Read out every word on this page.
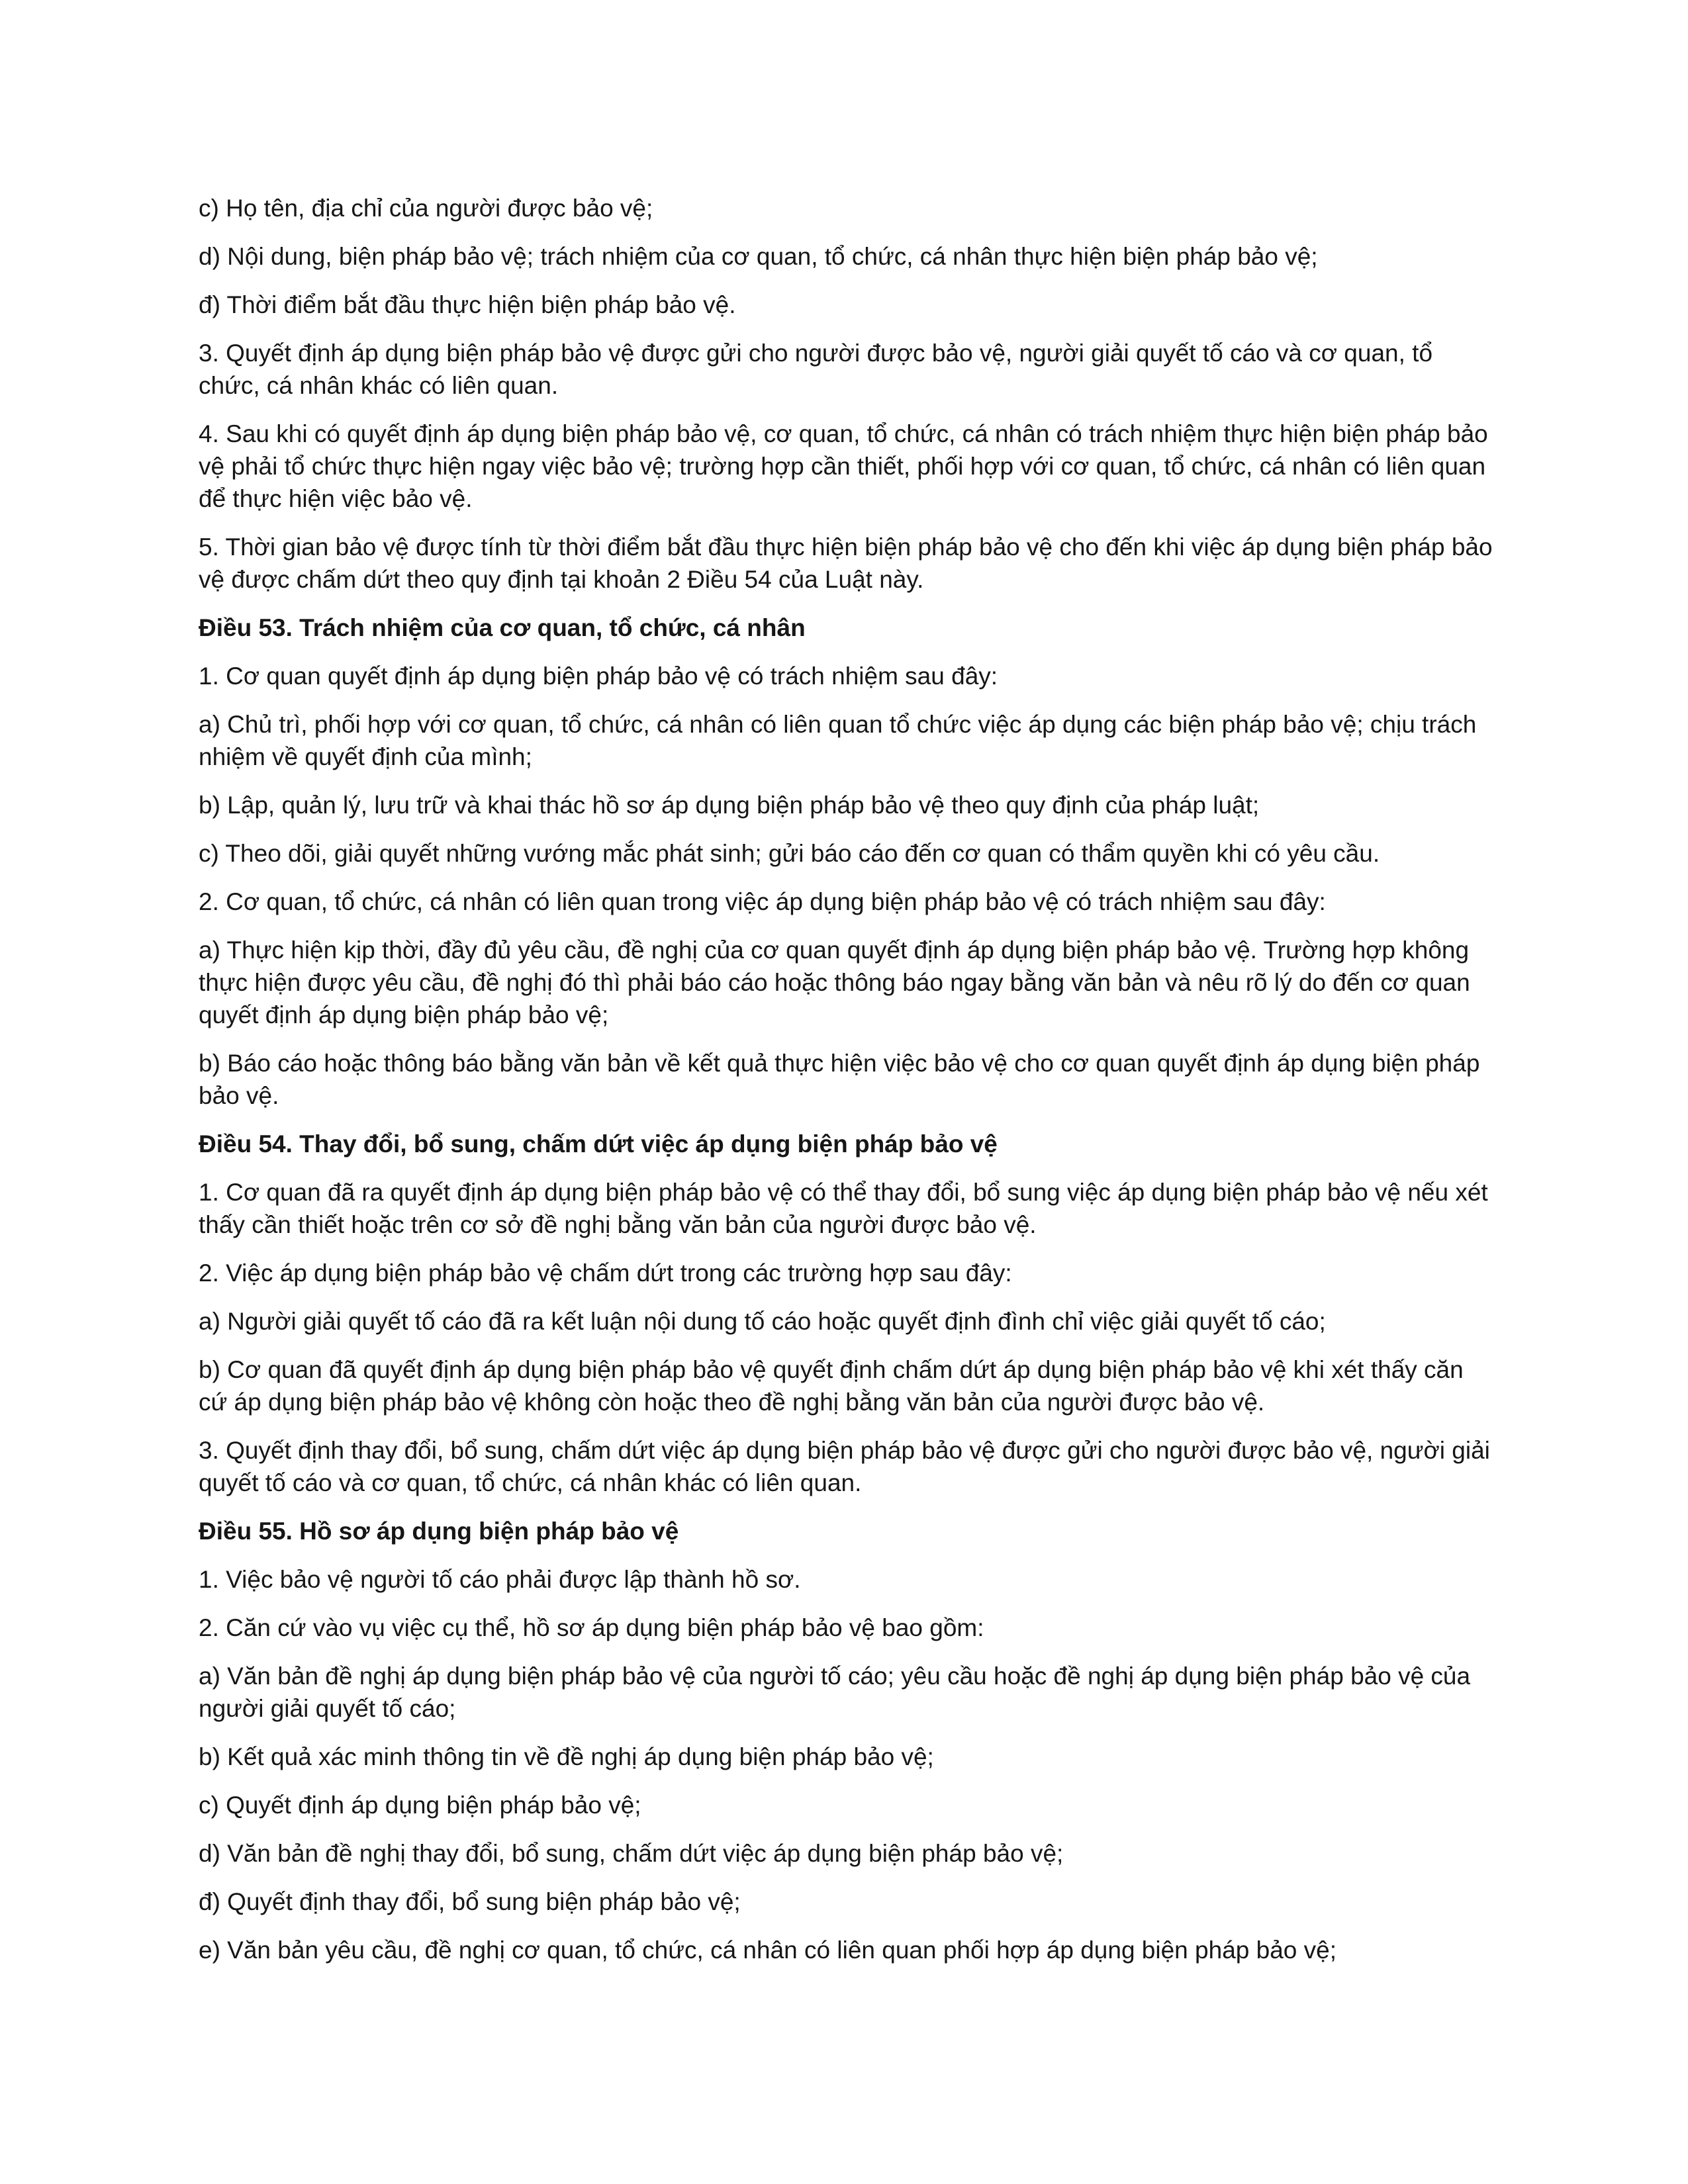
c) Họ tên, địa chỉ của người được bảo vệ;

d) Nội dung, biện pháp bảo vệ; trách nhiệm của cơ quan, tổ chức, cá nhân thực hiện biện pháp bảo vệ;

đ) Thời điểm bắt đầu thực hiện biện pháp bảo vệ.

3. Quyết định áp dụng biện pháp bảo vệ được gửi cho người được bảo vệ, người giải quyết tố cáo và cơ quan, tổ chức, cá nhân khác có liên quan.

4. Sau khi có quyết định áp dụng biện pháp bảo vệ, cơ quan, tổ chức, cá nhân có trách nhiệm thực hiện biện pháp bảo vệ phải tổ chức thực hiện ngay việc bảo vệ; trường hợp cần thiết, phối hợp với cơ quan, tổ chức, cá nhân có liên quan để thực hiện việc bảo vệ.

5. Thời gian bảo vệ được tính từ thời điểm bắt đầu thực hiện biện pháp bảo vệ cho đến khi việc áp dụng biện pháp bảo vệ được chấm dứt theo quy định tại khoản 2 Điều 54 của Luật này.

Điều 53. Trách nhiệm của cơ quan, tổ chức, cá nhân

1. Cơ quan quyết định áp dụng biện pháp bảo vệ có trách nhiệm sau đây:

a) Chủ trì, phối hợp với cơ quan, tổ chức, cá nhân có liên quan tổ chức việc áp dụng các biện pháp bảo vệ; chịu trách nhiệm về quyết định của mình;

b) Lập, quản lý, lưu trữ và khai thác hồ sơ áp dụng biện pháp bảo vệ theo quy định của pháp luật;

c) Theo dõi, giải quyết những vướng mắc phát sinh; gửi báo cáo đến cơ quan có thẩm quyền khi có yêu cầu.

2. Cơ quan, tổ chức, cá nhân có liên quan trong việc áp dụng biện pháp bảo vệ có trách nhiệm sau đây:

a) Thực hiện kịp thời, đầy đủ yêu cầu, đề nghị của cơ quan quyết định áp dụng biện pháp bảo vệ. Trường hợp không thực hiện được yêu cầu, đề nghị đó thì phải báo cáo hoặc thông báo ngay bằng văn bản và nêu rõ lý do đến cơ quan quyết định áp dụng biện pháp bảo vệ;

b) Báo cáo hoặc thông báo bằng văn bản về kết quả thực hiện việc bảo vệ cho cơ quan quyết định áp dụng biện pháp bảo vệ.

Điều 54. Thay đổi, bổ sung, chấm dứt việc áp dụng biện pháp bảo vệ

1. Cơ quan đã ra quyết định áp dụng biện pháp bảo vệ có thể thay đổi, bổ sung việc áp dụng biện pháp bảo vệ nếu xét thấy cần thiết hoặc trên cơ sở đề nghị bằng văn bản của người được bảo vệ.

2. Việc áp dụng biện pháp bảo vệ chấm dứt trong các trường hợp sau đây:

a) Người giải quyết tố cáo đã ra kết luận nội dung tố cáo hoặc quyết định đình chỉ việc giải quyết tố cáo;

b) Cơ quan đã quyết định áp dụng biện pháp bảo vệ quyết định chấm dứt áp dụng biện pháp bảo vệ khi xét thấy căn cứ áp dụng biện pháp bảo vệ không còn hoặc theo đề nghị bằng văn bản của người được bảo vệ.

3. Quyết định thay đổi, bổ sung, chấm dứt việc áp dụng biện pháp bảo vệ được gửi cho người được bảo vệ, người giải quyết tố cáo và cơ quan, tổ chức, cá nhân khác có liên quan.

Điều 55. Hồ sơ áp dụng biện pháp bảo vệ

1. Việc bảo vệ người tố cáo phải được lập thành hồ sơ.

2. Căn cứ vào vụ việc cụ thể, hồ sơ áp dụng biện pháp bảo vệ bao gồm:

a) Văn bản đề nghị áp dụng biện pháp bảo vệ của người tố cáo; yêu cầu hoặc đề nghị áp dụng biện pháp bảo vệ của người giải quyết tố cáo;

b) Kết quả xác minh thông tin về đề nghị áp dụng biện pháp bảo vệ;

c) Quyết định áp dụng biện pháp bảo vệ;

d) Văn bản đề nghị thay đổi, bổ sung, chấm dứt việc áp dụng biện pháp bảo vệ;

đ) Quyết định thay đổi, bổ sung biện pháp bảo vệ;

e) Văn bản yêu cầu, đề nghị cơ quan, tổ chức, cá nhân có liên quan phối hợp áp dụng biện pháp bảo vệ;
